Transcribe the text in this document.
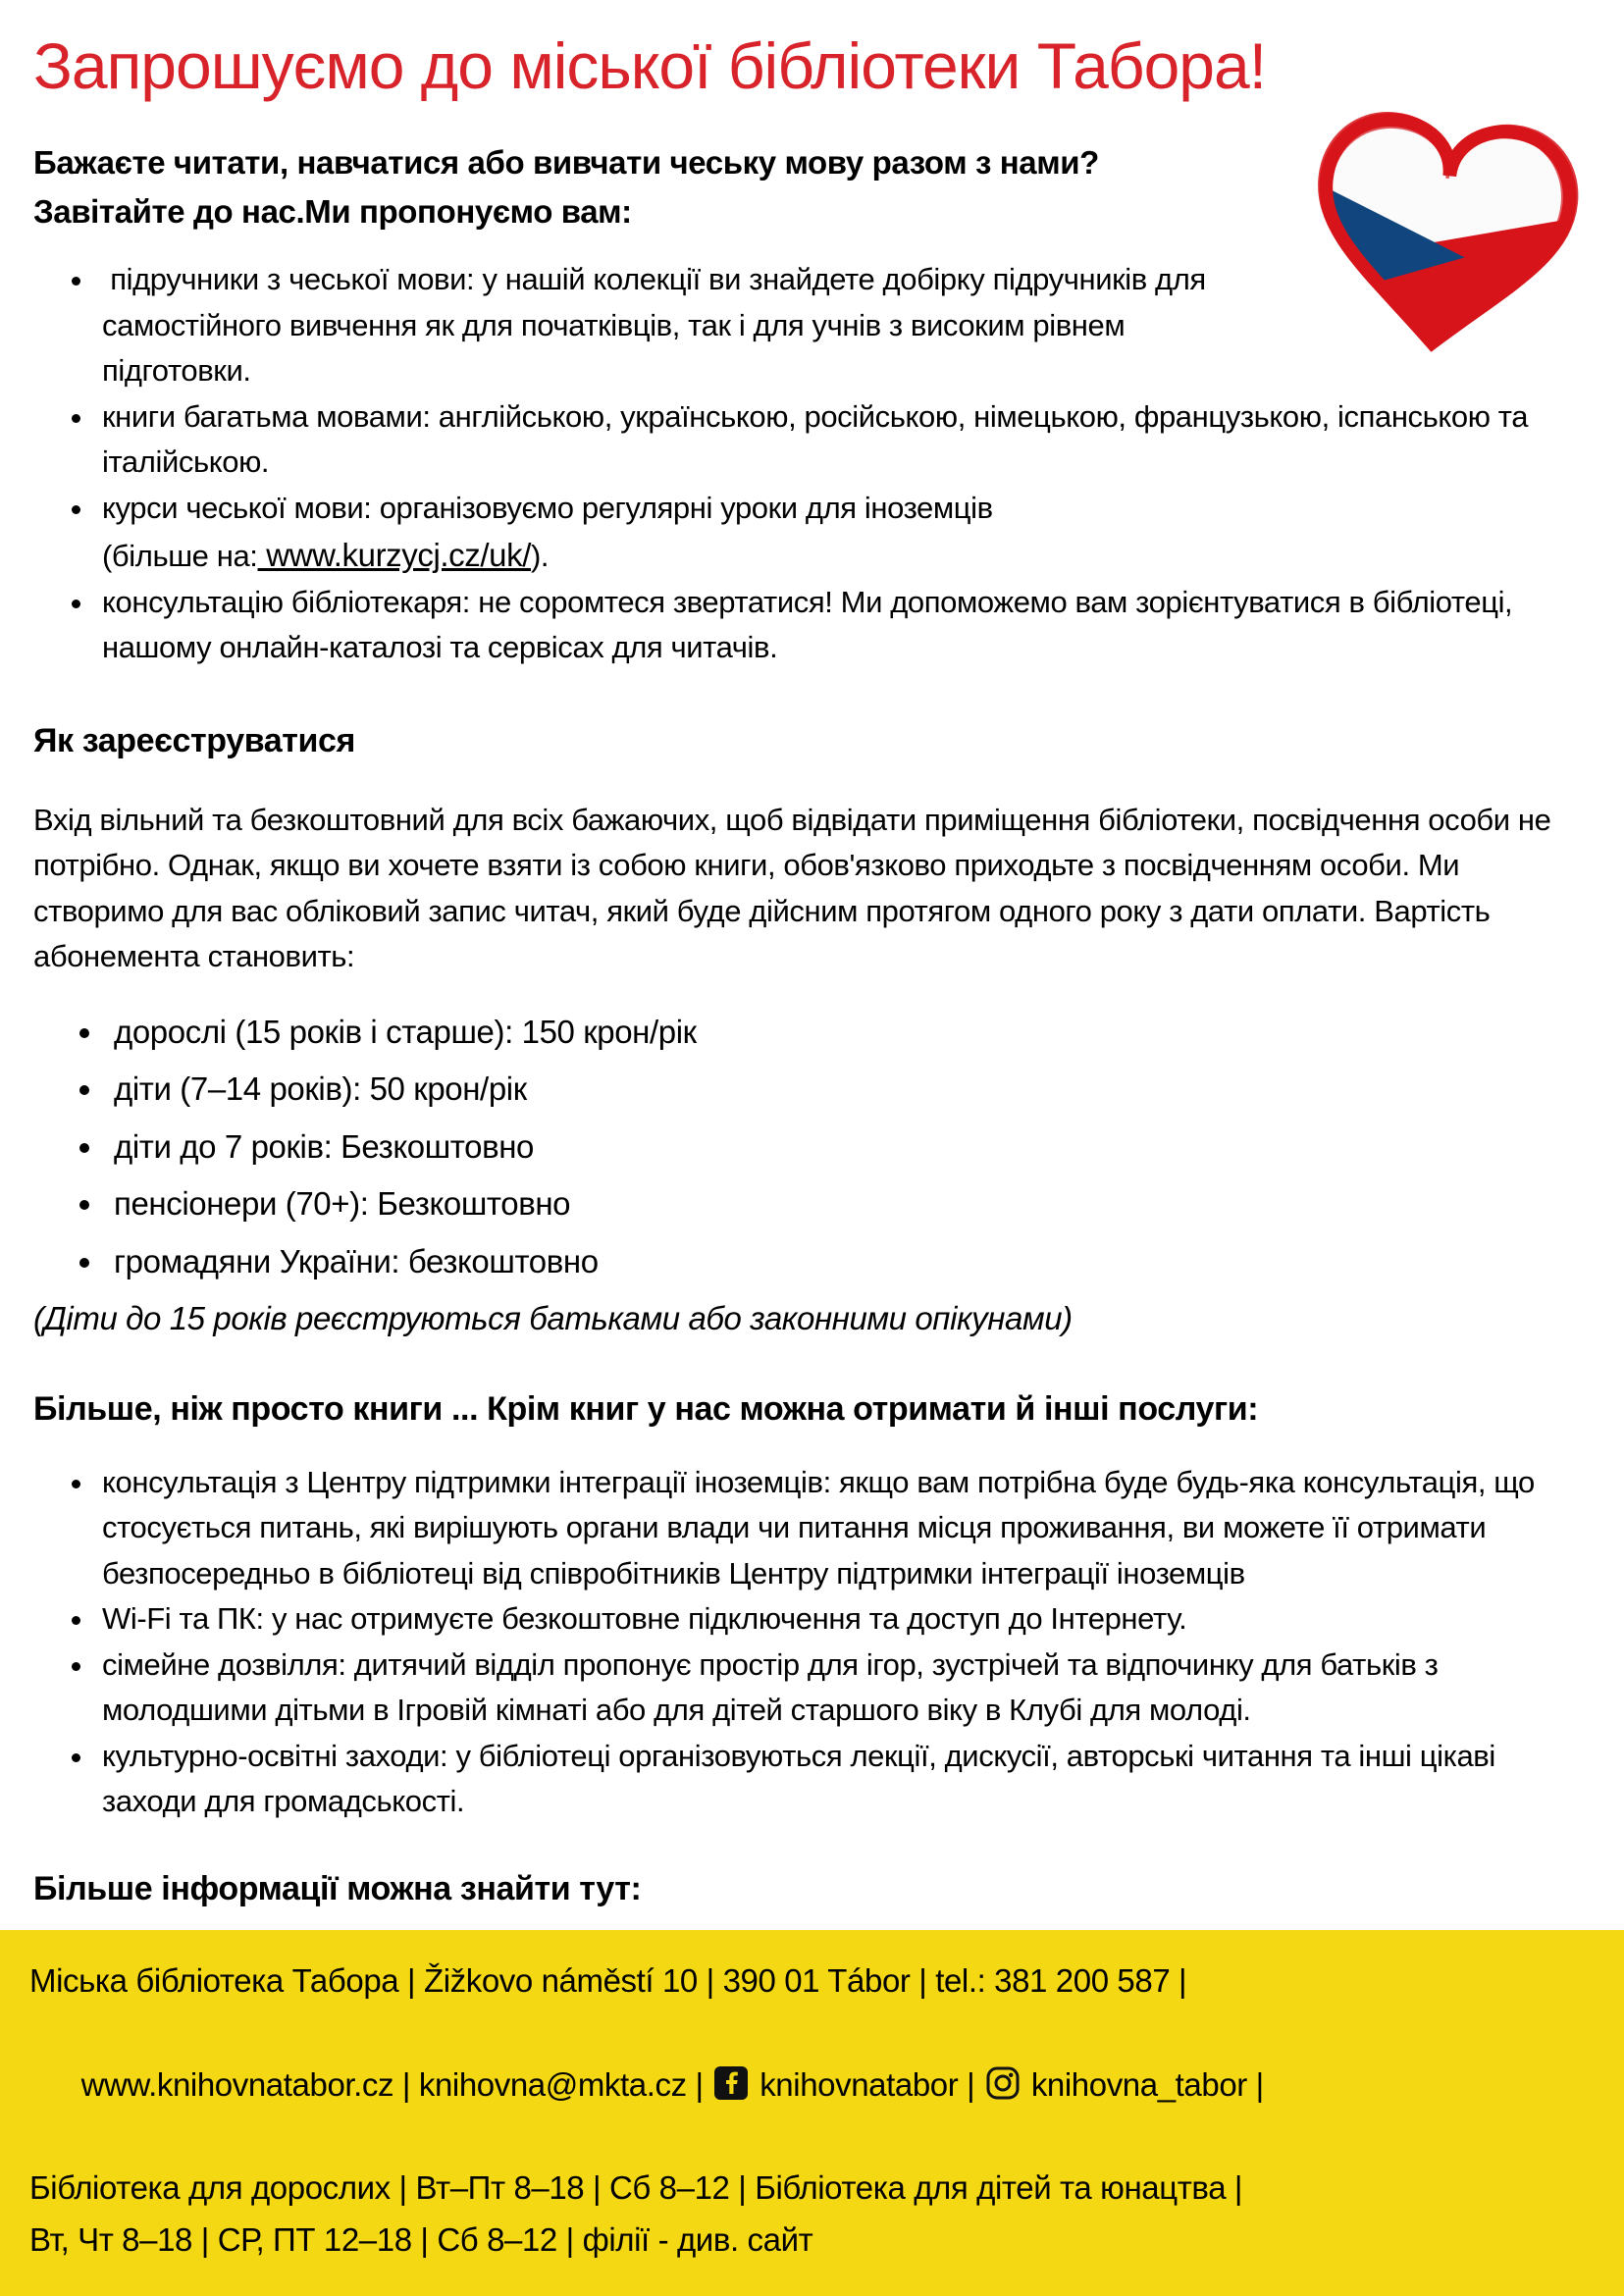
Запрошуємо до міської бібліотеки Табора!
Бажаєте читати, навчатися або вивчати чеську мову разом з нами?
Завітайте до нас.Ми пропонуємо вам:
•  підручники з чеської мови: у нашій колекції ви знайдете добірку підручників для самостійного вивчення як для початківців, так і для учнів з високим рівнем підготовки.
• книги багатьма мовами: англійською, українською, російською, німецькою, французькою, іспанською та італійською.
• курси чеської мови: організовуємо регулярні уроки для іноземців
(більше на: www.kurzycj.cz/uk/).
• консультацію бібліотекаря: не соромтеся звертатися! Ми допоможемо вам зорієнтуватися в бібліотеці, нашому онлайн-каталозі та сервісах для читачів.
Як зареєструватися

Вхід вільний та безкоштовний для всіх бажаючих, щоб відвідати приміщення бібліотеки, посвідчення особи не потрібно. Однак, якщо ви хочете взяти із собою книги, обов'язково приходьте з посвідченням особи. Ми створимо для вас обліковий запис читач, який буде дійсним протягом одного року з дати оплати. Вартість абонемента становить:

• дорослі (15 років і старше): 150 крон/рік
• діти (7–14 років): 50 крон/рік
• діти до 7 років: Безкоштовно
• пенсіонери (70+): Безкоштовно
• громадяни України: безкоштовно
(Діти до 15 років реєструються батьками або законними опікунами)
Більше, ніж просто книги ... Крім книг у нас можна отримати й інші послуги:
• консультація з Центру підтримки інтеграції іноземців: якщо вам потрібна буде будь-яка консультація, що стосується питань, які вирішують органи влади чи питання місця проживання, ви можете її отримати безпосередньо в бібліотеці від співробітників Центру підтримки інтеграції іноземців
• Wi-Fi та ПК: у нас отримуєте безкоштовне підключення та доступ до Інтернету.
• сімейне дозвілля: дитячий відділ пропонує простір для ігор, зустрічей та відпочинку для батьків з молодшими дітьми в Ігровій кімнаті або для дітей старшого віку в Клубі для молоді.
• культурно-освітні заходи: у бібліотеці організовуються лекції, дискусії, авторські читання та інші цікаві заходи для громадськості.
Більше інформації можна знайти тут:
Міська бібліотека Табора | Žižkovo náměstí 10 | 390 01 Tábor | tel.: 381 200 587 |

www.knihovnatabor.cz | knihovna@mkta.cz |  knihovnatabor |  knihovna_tabor |

Бібліотека для дорослих | Вт–Пт 8–18 | Сб 8–12 | Бібліотека для дітей та юнацтва |
Вт, Чт 8–18 | СР, ПТ 12–18 | Сб 8–12 | філії - див. сайт
